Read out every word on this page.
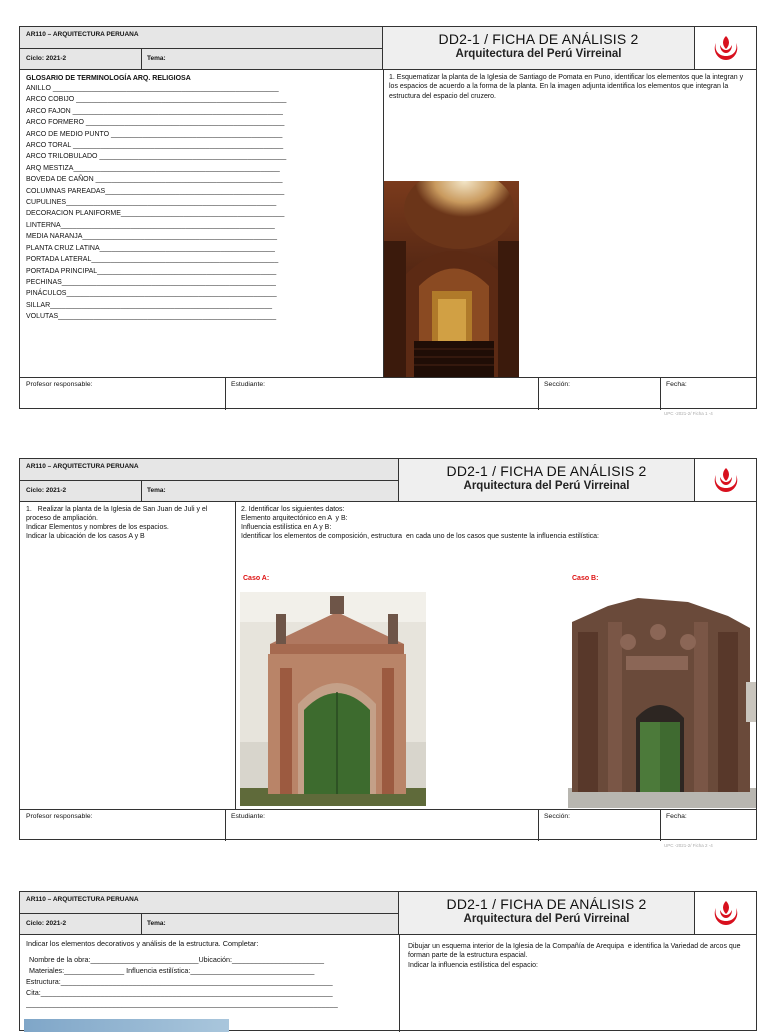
AR110 – ARQUITECTURA PERUANA
Ciclo: 2021-2	Tema:
DD2-1 / FICHA DE ANÁLISIS 2
Arquitectura del Perú Virreinal
GLOSARIO DE TERMINOLOGÍA ARQ. RELIGIOSA
ANILLO __________________________________________________________
ARCO COBIJO ______________________________________________________
ARCO FAJON ______________________________________________________
ARCO FORMERO ___________________________________________________
ARCO DE MEDIO PUNTO ____________________________________________
ARCO TORAL ______________________________________________________
ARCO TRILOBULADO ________________________________________________
ARQ MESTIZA_____________________________________________________
BOVEDA DE CAÑON ________________________________________________
COLUMNAS PAREADAS______________________________________________
CUPULINES______________________________________________________
DECORACION PLANIFORME__________________________________________
LINTERNA_______________________________________________________
MEDIA NARANJA__________________________________________________
PLANTA CRUZ LATINA_____________________________________________
PORTADA LATERAL________________________________________________
PORTADA PRINCIPAL______________________________________________
PECHINAS_______________________________________________________
PINÁCULOS______________________________________________________
SILLAR_________________________________________________________
VOLUTAS________________________________________________________
1. Esquematizar la planta de la Iglesia de Santiago de Pomata en Puno, identificar los elementos que la integran y los espacios de acuerdo a la forma de la planta. En la imagen adjunta identifica los elementos que integran la estructura del espacio del cruzero.
Profesor responsable:	Estudiante:	Sección:	Fecha:
UPC -2021-2/ Ficha 1 -4
AR110 – ARQUITECTURA PERUANA
Ciclo: 2021-2	Tema:
DD2-1 / FICHA DE ANÁLISIS 2
Arquitectura del Perú Virreinal
1.   Realizar la planta de la Iglesia de San Juan de Juli y el proceso de ampliación.
Indicar Elementos y nombres de los espacios.
Indicar la ubicación de los casos A y B
2. Identificar los siguientes datos:
Elemento arquitectónico en A  y B:
Influencia estilística en A y B:
Identificar los elementos de composición, estructura  en cada uno de los casos que sustente la influencia estilística:
Caso A:	Caso B:
Profesor responsable:	Estudiante:	Sección:	Fecha:
UPC -2021-2/ Ficha 2 -4
AR110 – ARQUITECTURA PERUANA
Ciclo: 2021-2	Tema:
DD2-1 / FICHA DE ANÁLISIS 2
Arquitectura del Perú Virreinal
Indicar los elementos decorativos y análisis de la estructura. Completar:
Nombre de la obra:___________________________Ubicación:_______________________
Materiales:_______________ Influencia estilística:_______________________________
Estructura:____________________________________________________________________
Cita:_________________________________________________________________________
______________________________________________________________________________
Dibujar un esquema interior de la Iglesia de la Compañía de Arequipa  e identifica la Variedad de arcos que forman parte de la estructura espacial.
Indicar la influencia estilística del espacio:
